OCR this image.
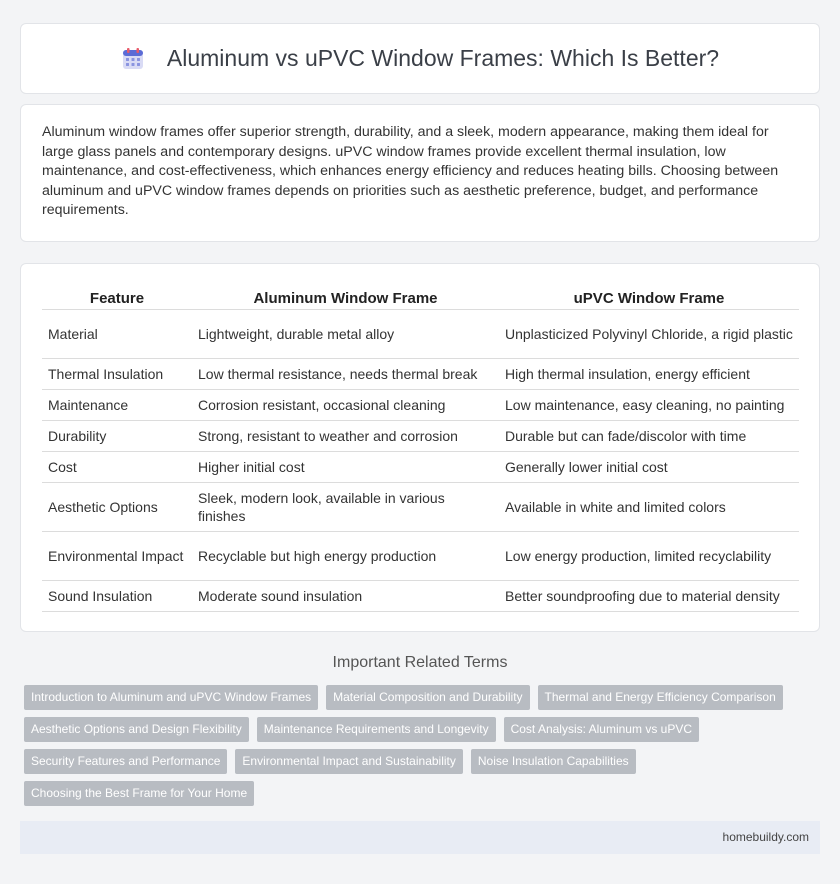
Aluminum vs uPVC Window Frames: Which Is Better?

Aluminum window frames offer superior strength, durability, and a sleek, modern appearance, making them ideal for large glass panels and contemporary designs. uPVC window frames provide excellent thermal insulation, low maintenance, and cost-effectiveness, which enhances energy efficiency and reduces heating bills. Choosing between aluminum and uPVC window frames depends on priorities such as aesthetic preference, budget, and performance requirements.

Feature	Aluminum Window Frame	uPVC Window Frame
Material	Lightweight, durable metal alloy	Unplasticized Polyvinyl Chloride, a rigid plastic
Thermal Insulation	Low thermal resistance, needs thermal break	High thermal insulation, energy efficient
Maintenance	Corrosion resistant, occasional cleaning	Low maintenance, easy cleaning, no painting
Durability	Strong, resistant to weather and corrosion	Durable but can fade/discolor with time
Cost	Higher initial cost	Generally lower initial cost
Aesthetic Options	Sleek, modern look, available in various finishes	Available in white and limited colors
Environmental Impact	Recyclable but high energy production	Low energy production, limited recyclability
Sound Insulation	Moderate sound insulation	Better soundproofing due to material density
Important Related Terms
Introduction to Aluminum and uPVC Window Frames	Material Composition and Durability	Thermal and Energy Efficiency Comparison
Aesthetic Options and Design Flexibility	Maintenance Requirements and Longevity	Cost Analysis: Aluminum vs uPVC
Security Features and Performance	Environmental Impact and Sustainability	Noise Insulation Capabilities
Choosing the Best Frame for Your Home
homebuildy.com
